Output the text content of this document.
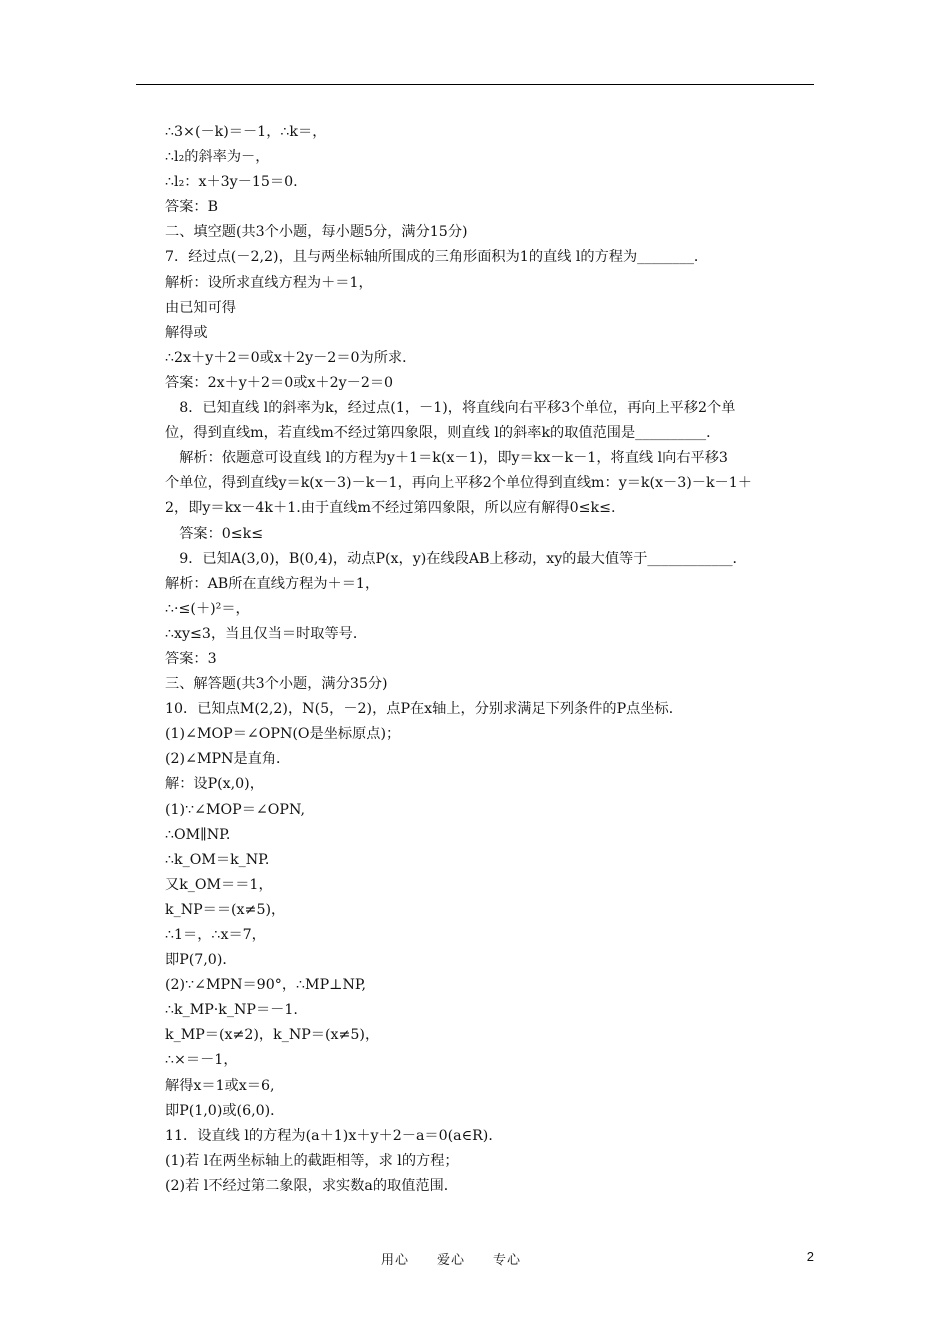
∴3×(－k)＝－1，∴k＝，
∴l₂的斜率为－，
∴l₂：x＋3y－15＝0.
答案：B
二、填空题(共3个小题，每小题5分，满分15分)
7．经过点(－2,2)，且与两坐标轴所围成的三角形面积为1的直线 l的方程为________．
解析：设所求直线方程为＋＝1，
由已知可得
解得或
∴2x＋y＋2＝0或x＋2y－2＝0为所求．
答案：2x＋y＋2＝0或x＋2y－2＝0
　8．已知直线 l的斜率为k，经过点(1，－1)，将直线向右平移3个单位，再向上平移2个单
位，得到直线m，若直线m不经过第四象限，则直线 l的斜率k的取值范围是__________．
　解析：依题意可设直线 l的方程为y＋1＝k(x－1)，即y＝kx－k－1，将直线 l向右平移3
个单位，得到直线y＝k(x－3)－k－1，再向上平移2个单位得到直线m：y＝k(x－3)－k－1＋
2，即y＝kx－4k＋1.由于直线m不经过第四象限，所以应有解得0≤k≤.
　答案：0≤k≤
　9．已知A(3,0)，B(0,4)，动点P(x，y)在线段AB上移动，xy的最大值等于____________．
解析：AB所在直线方程为＋＝1，
∴·≤(＋)²＝，
∴xy≤3，当且仅当＝时取等号．
答案：3
三、解答题(共3个小题，满分35分)
10．已知点M(2,2)，N(5，－2)，点P在x轴上，分别求满足下列条件的P点坐标．
(1)∠MOP＝∠OPN(O是坐标原点)；
(2)∠MPN是直角．
解：设P(x,0)，
(1)∵∠MOP＝∠OPN,
∴OM∥NP.
∴k_OM＝k_NP.
又k_OM＝＝1，
k_NP＝＝(x≠5)，
∴1＝，∴x＝7，
即P(7,0)．
(2)∵∠MPN＝90°，∴MP⊥NP,
∴k_MP·k_NP＝－1.
k_MP＝(x≠2)，k_NP＝(x≠5)，
∴×＝－1，
解得x＝1或x＝6,
即P(1,0)或(6,0)．
11．设直线 l的方程为(a＋1)x＋y＋2－a＝0(a∈R)．
(1)若 l在两坐标轴上的截距相等，求 l的方程；
(2)若 l不经过第二象限，求实数a的取值范围．
用心 爱心 专心	2
